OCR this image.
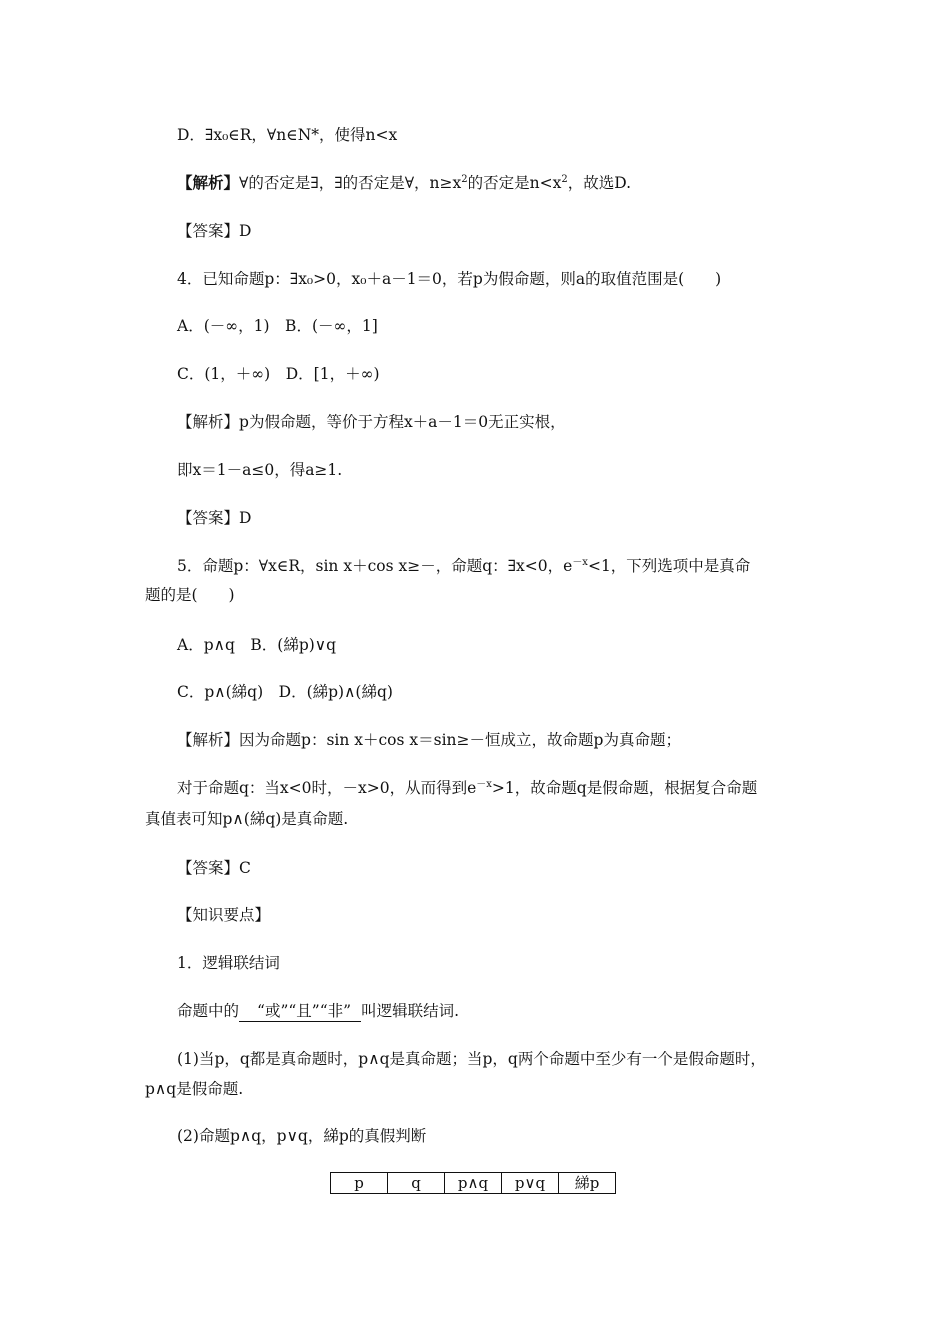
D．∃x₀∈R，∀n∈N*，使得n<x
【解析】∀的否定是∃，∃的否定是∀，$n\ge x^2$的否定是$n<x^2$，故选D.
【答案】D
4．已知命题p：∃x₀>0，x₀＋a－1＝0，若p为假命题，则a的取值范围是(　　)
A．(－∞，1)　B．(－∞，1]
C．(1，＋∞)　D．[1，＋∞)
【解析】p为假命题，等价于方程x＋a－1＝0无正实根，
即x＝1－a≤0，得a≥1.
【答案】D
5．命题p：∀x∈R，sin x＋cos x≥－，命题q：∃x<0，$e^{-x}<1$，下列选项中是真命
题的是(　　)
A．p∧q　B．(綈p)∨q
C．p∧(綈q)　D．(綈p)∧(綈q)
【解析】因为命题p：sin x＋cos x＝sin≥－恒成立，故命题p为真命题；
对于命题q：当x<0时，－x>0，从而得到$e^{-x}>1$，故命题q是假命题，根据复合命题
真值表可知p∧(綈q)是真命题.
【答案】C
【知识要点】
1．逻辑联结词
命题中的 “或”“且”“非” 叫逻辑联结词.
(1)当p，q都是真命题时，p∧q是真命题；当p，q两个命题中至少有一个是假命题时，
p∧q是假命题.
(2)命题p∧q，p∨q，綈p的真假判断
p	q	p∧q	p∨q	綈p
